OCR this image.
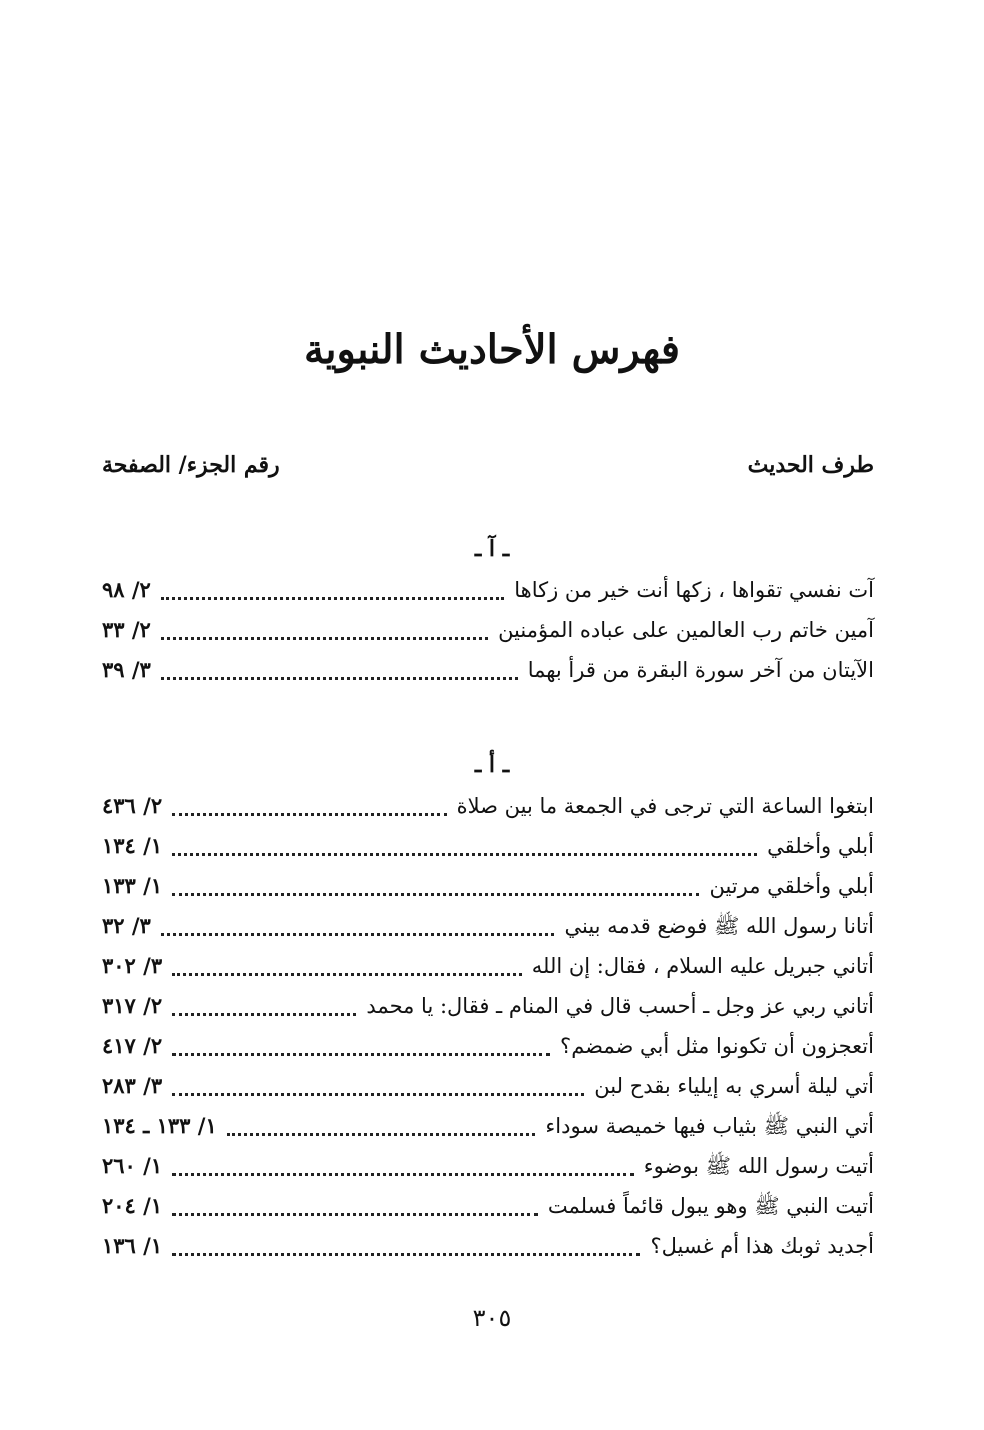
فهرس الأحاديث النبوية
طرف الحديث
رقم الجزء/ الصفحة
ـ آ ـ
آت نفسي تقواها ، زكها أنت خير من زكاها
٢/ ٩٨
آمين خاتم رب العالمين على عباده المؤمنين
٢/ ٣٣
الآيتان من آخر سورة البقرة من قرأ بهما
٣/ ٣٩
ـ أ ـ
ابتغوا الساعة التي ترجى في الجمعة ما بين صلاة
٢/ ٤٣٦
أبلي وأخلقي
١/ ١٣٤
أبلي وأخلقي مرتين
١/ ١٣٣
أتانا رسول الله ﷺ فوضع قدمه بيني
٣/ ٣٢
أتاني جبريل عليه السلام ، فقال: إن الله
٣/ ٣٠٢
أتاني ربي عز وجل ـ أحسب قال في المنام ـ فقال: يا محمد
٢/ ٣١٧
أتعجزون أن تكونوا مثل أبي ضمضم؟
٢/ ٤١٧
أتي ليلة أسري به إيلياء بقدح لبن
٣/ ٢٨٣
أتي النبي ﷺ بثياب فيها خميصة سوداء
١/ ١٣٣ ـ ١٣٤
أتيت رسول الله ﷺ بوضوء
١/ ٢٦٠
أتيت النبي ﷺ وهو يبول قائماً فسلمت
١/ ٢٠٤
أجديد ثوبك هذا أم غسيل؟
١/ ١٣٦
٣٠٥
